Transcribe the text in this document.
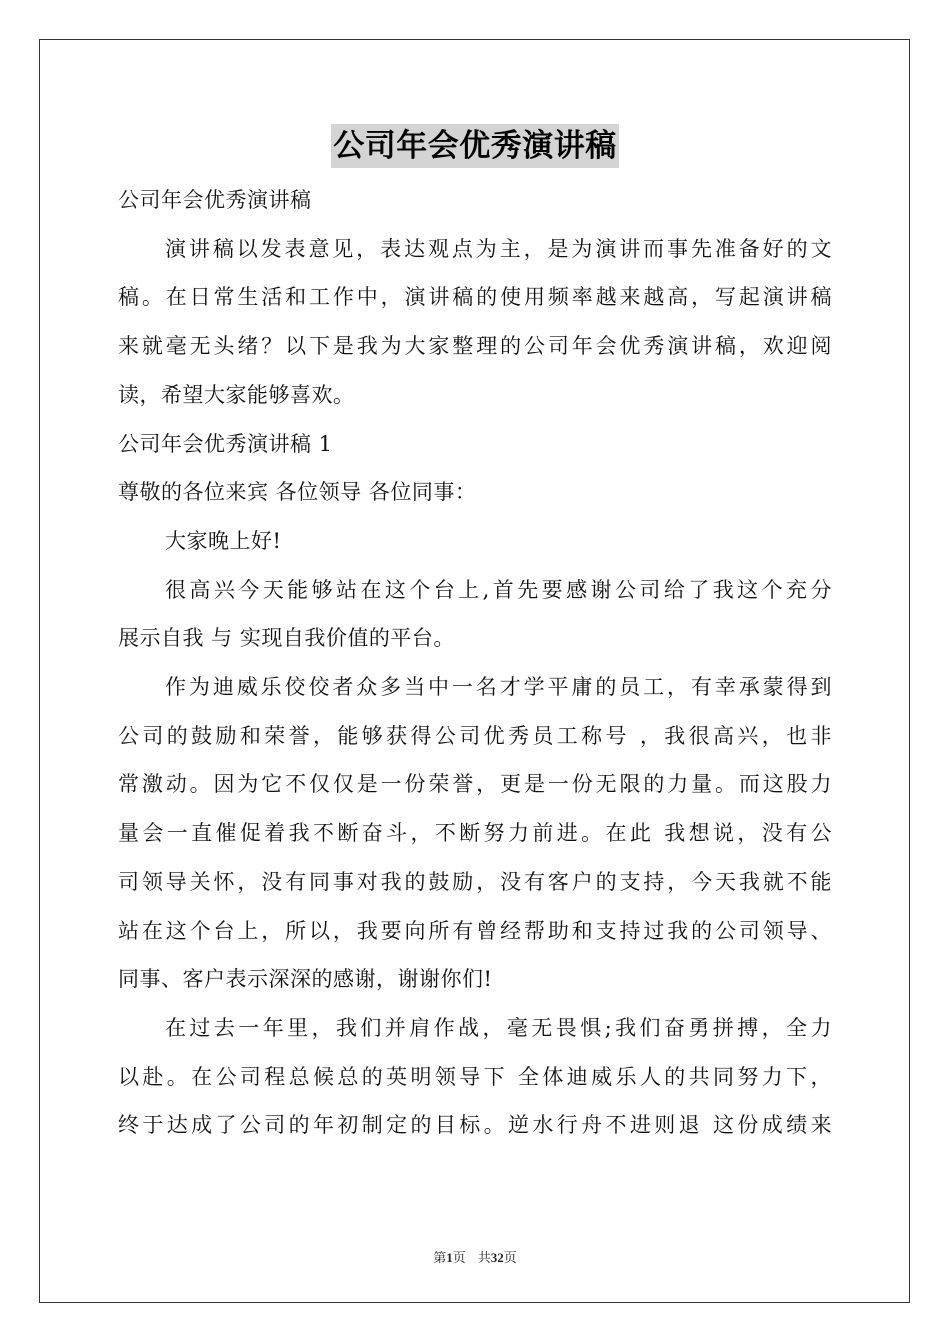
公司年会优秀演讲稿
公司年会优秀演讲稿
演讲稿以发表意见，表达观点为主，是为演讲而事先准备好的文
稿。在日常生活和工作中，演讲稿的使用频率越来越高，写起演讲稿
来就毫无头绪？以下是我为大家整理的公司年会优秀演讲稿，欢迎阅
读，希望大家能够喜欢。
公司年会优秀演讲稿 1
尊敬的各位来宾 各位领导 各位同事：
大家晚上好!
很高兴今天能够站在这个台上,首先要感谢公司给了我这个充分
展示自我 与 实现自我价值的平台。
作为迪威乐佼佼者众多当中一名才学平庸的员工，有幸承蒙得到
公司的鼓励和荣誉，能够获得公司优秀员工称号 ，我很高兴，也非
常激动。因为它不仅仅是一份荣誉，更是一份无限的力量。而这股力
量会一直催促着我不断奋斗，不断努力前进。在此 我想说，没有公
司领导关怀，没有同事对我的鼓励，没有客户的支持，今天我就不能
站在这个台上，所以，我要向所有曾经帮助和支持过我的公司领导、
同事、客户表示深深的感谢，谢谢你们!
在过去一年里，我们并肩作战，毫无畏惧;我们奋勇拼搏，全力
以赴。在公司程总候总的英明领导下 全体迪威乐人的共同努力下，
终于达成了公司的年初制定的目标。逆水行舟不进则退 这份成绩来
第1页 共32页
